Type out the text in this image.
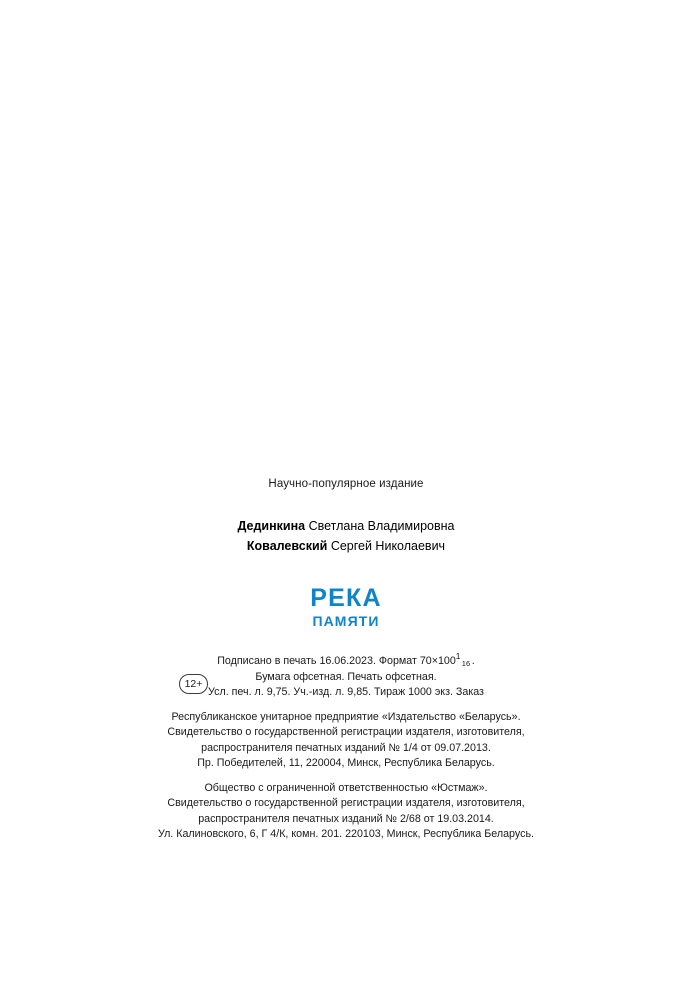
Научно-популярное издание
Дединкина Светлана Владимировна
Ковалевский Сергей Николаевич
РЕКА
ПАМЯТИ
12+
Подписано в печать 16.06.2023. Формат 70×100 1
16 .
Бумага офсетная. Печать офсетная.
Усл. печ. л. 9,75. Уч.-изд. л. 9,85. Тираж 1000 экз. Заказ
Республиканское унитарное предприятие «Издательство «Беларусь».
Свидетельство о государственной регистрации издателя, изготовителя,
распространителя печатных изданий № 1/4 от 09.07.2013.
Пр. Победителей, 11, 220004, Минск, Республика Беларусь.
Общество с ограниченной ответственностью «Юстмаж».
Свидетельство о государственной регистрации издателя, изготовителя,
распространителя печатных изданий № 2/68 от 19.03.2014.
Ул. Калиновского, 6, Г 4/К, комн. 201. 220103, Минск, Республика Беларусь.
